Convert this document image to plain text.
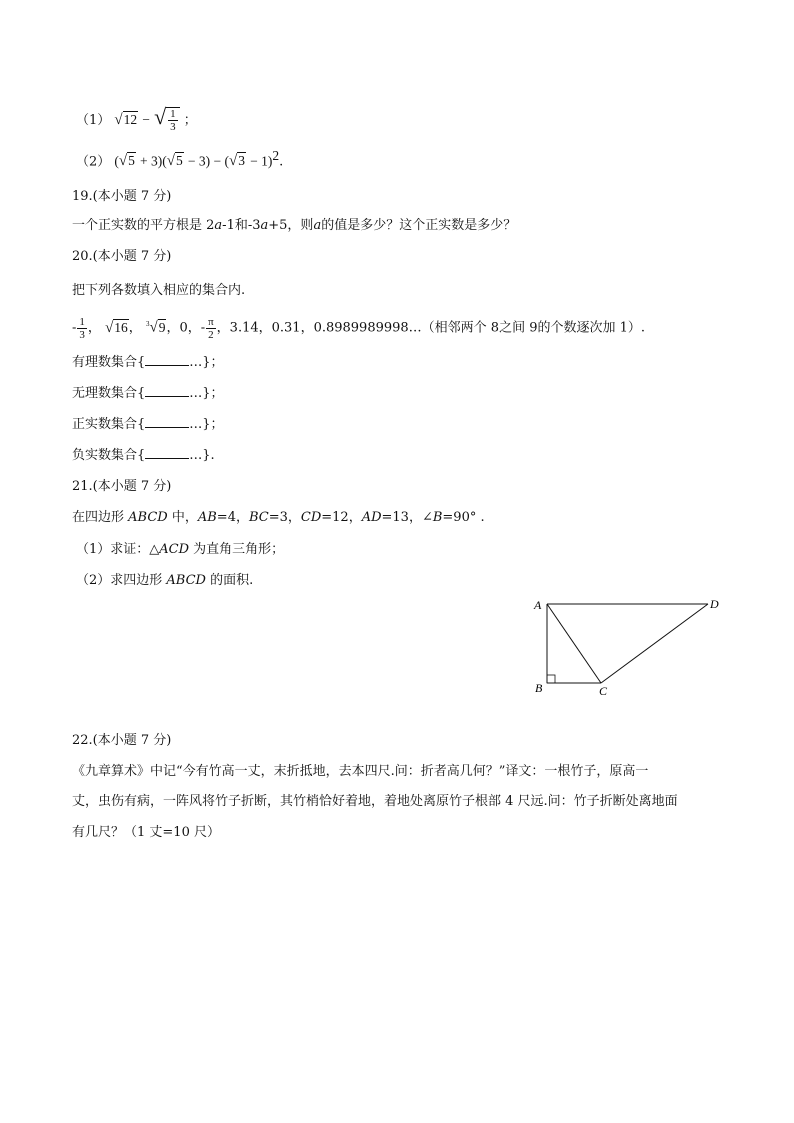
（1） √12 − √ $\frac{1}{3}$ ；
（2） $(√5 + 3)(√5 - 3) - (√3 - 1)^2$.
19.(本小题 7 分)
一个正实数的平方根是 2a-1和-3a+5，则a的值是多少？这个正实数是多少？
20.(本小题 7 分)
把下列各数填入相应的集合内.
- $\frac{1}{3}$ ， √16， $^3$√9，0，- $\frac{\pi}{2}$ ，3.14，0.31，0.8989989998…（相邻两个 8之间 9的个数逐次加 1）.
有理数集合{	…}；
无理数集合{	…}；
正实数集合{	…}；
负实数集合{	…}.
21.(本小题 7 分)
在四边形 ABCD 中，AB=4，BC=3，CD=12，AD=13，∠B=90° .
（1）求证：△ACD 为直角三角形；
（2）求四边形 ABCD 的面积.
A
B	C
D
22.(本小题 7 分)
《九章算术》中记“今有竹高一丈，末折抵地，去本四尺.问：折者高几何？”译文：一根竹子，原高一
丈，虫伤有病，一阵风将竹子折断，其竹梢恰好着地，着地处离原竹子根部 4 尺远.问：竹子折断处离地面
有几尺？（1 丈=10 尺）
